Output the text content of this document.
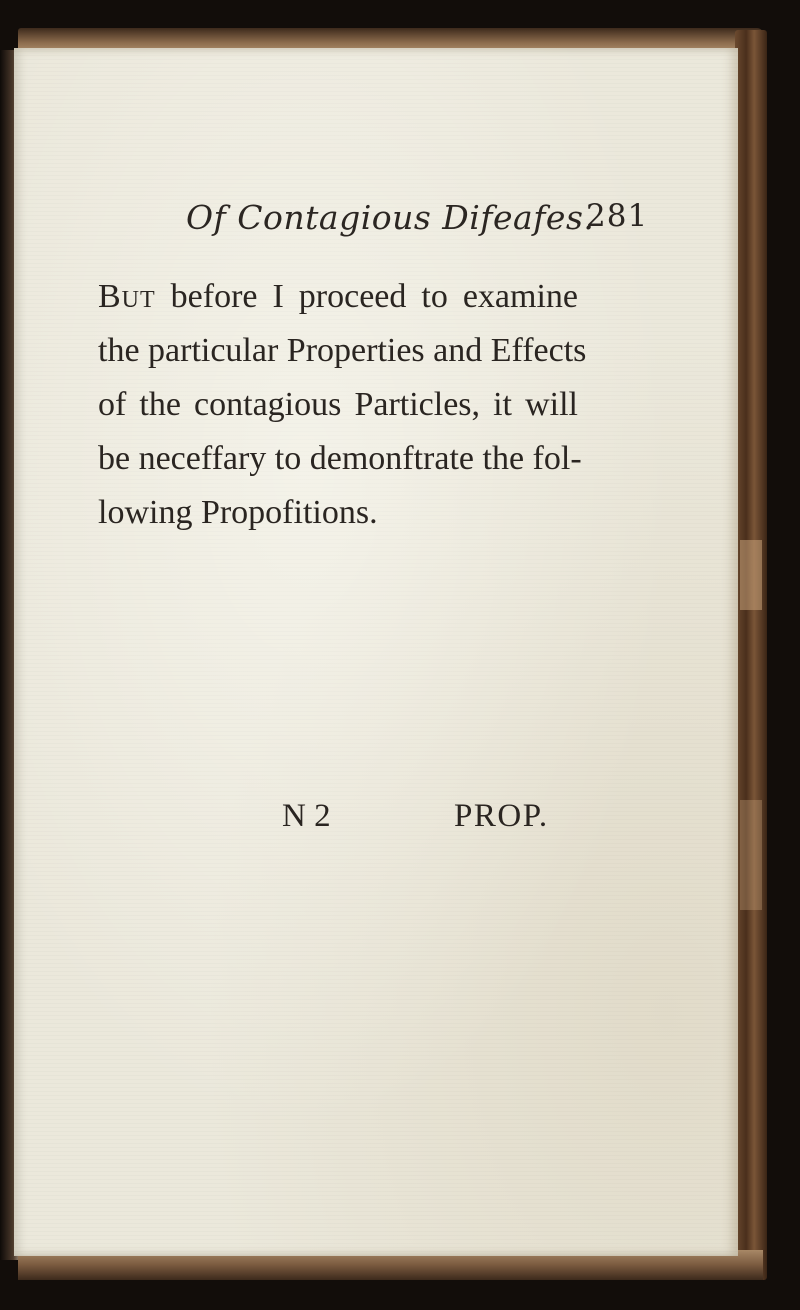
Of Contagious Difeafes.
281
But before I proceed to examine
the particular Properties and Effects
of the contagious Particles, it will
be neceffary to demonftrate the fol-
lowing Propofitions.
N 2	PROP.
